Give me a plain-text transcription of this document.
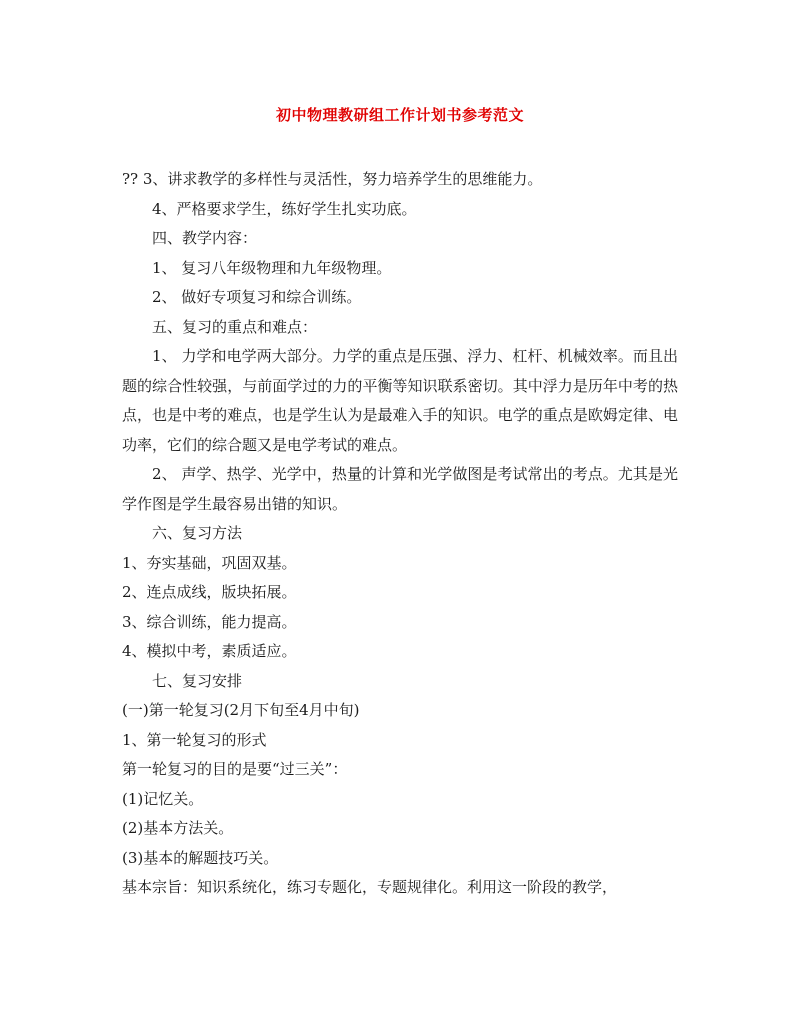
初中物理教研组工作计划书参考范文

?? 3、讲求教学的多样性与灵活性，努力培养学生的思维能力。

4、严格要求学生，练好学生扎实功底。

四、教学内容：

1、 复习八年级物理和九年级物理。

2、 做好专项复习和综合训练。

五、复习的重点和难点：

1、 力学和电学两大部分。力学的重点是压强、浮力、杠杆、机械效率。而且出题的综合性较强，与前面学过的力的平衡等知识联系密切。其中浮力是历年中考的热点，也是中考的难点，也是学生认为是最难入手的知识。电学的重点是欧姆定律、电功率，它们的综合题又是电学考试的难点。

2、 声学、热学、光学中，热量的计算和光学做图是考试常出的考点。尤其是光学作图是学生最容易出错的知识。

六、复习方法

1、夯实基础，巩固双基。

2、连点成线，版块拓展。

3、综合训练，能力提高。

4、模拟中考，素质适应。

七、复习安排

(一)第一轮复习(2月下旬至4月中旬)

1、第一轮复习的形式

第一轮复习的目的是要“过三关”：

(1)记忆关。

(2)基本方法关。

(3)基本的解题技巧关。

基本宗旨：知识系统化，练习专题化，专题规律化。利用这一阶段的教学，
